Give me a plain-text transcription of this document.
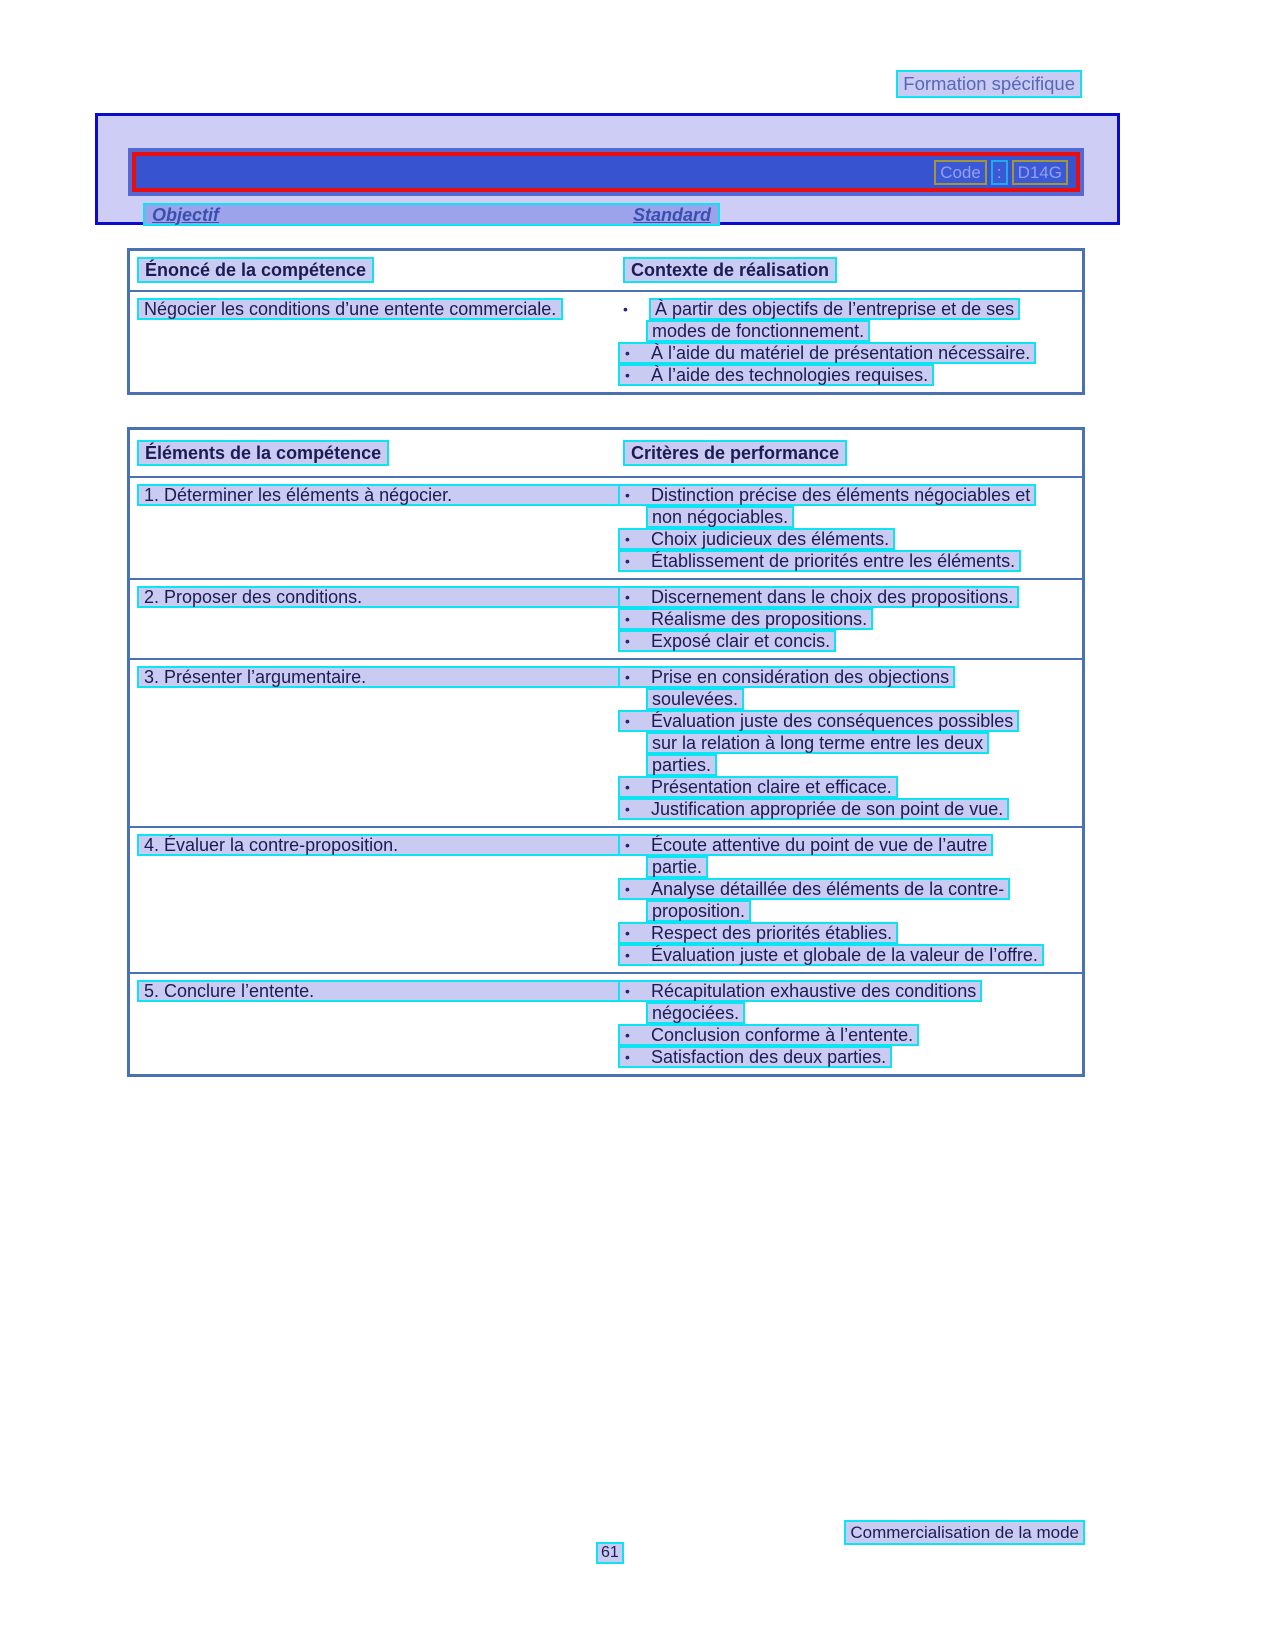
Formation spécifique
Code : D14G
Objectif	Standard
Énoncé de la compétence	Contexte de réalisation
Négocier les conditions d’une entente commerciale.	•	À partir des objectifs de l’entreprise et de ses
modes de fonctionnement.
•	À l’aide du matériel de présentation nécessaire.
•	À l’aide des technologies requises.
Éléments de la compétence	Critères de performance
1. Déterminer les éléments à négocier.	•	Distinction précise des éléments négociables et
non négociables.
•	Choix judicieux des éléments.
•	Établissement de priorités entre les éléments.
2. Proposer des conditions.	•	Discernement dans le choix des propositions.
•	Réalisme des propositions.
•	Exposé clair et concis.
3. Présenter l’argumentaire.	•	Prise en considération des objections
soulevées.
•	Évaluation juste des conséquences possibles
sur la relation à long terme entre les deux
parties.
•	Présentation claire et efficace.
•	Justification appropriée de son point de vue.
4. Évaluer la contre-proposition.	•	Écoute attentive du point de vue de l’autre
partie.
•	Analyse détaillée des éléments de la contre-
proposition.
•	Respect des priorités établies.
•	Évaluation juste et globale de la valeur de l’offre.
5. Conclure l’entente.	•	Récapitulation exhaustive des conditions
négociées.
•	Conclusion conforme à l’entente.
•	Satisfaction des deux parties.
Commercialisation de la mode
61
